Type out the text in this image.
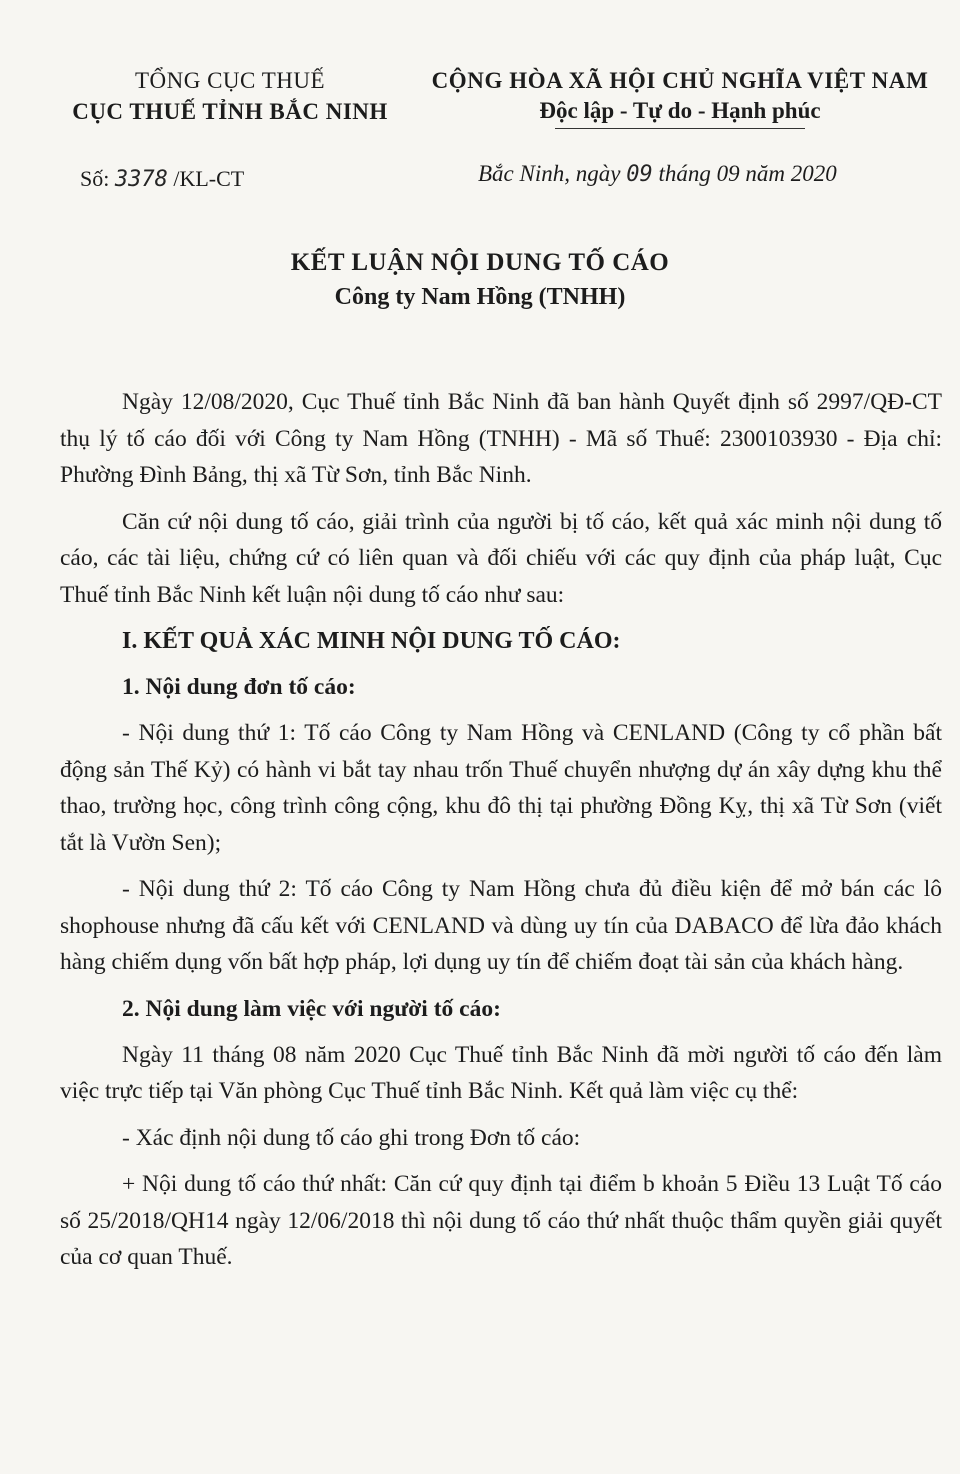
TỔNG CỤC THUẾ
CỤC THUẾ TỈNH BẮC NINH
CỘNG HÒA XÃ HỘI CHỦ NGHĨA VIỆT NAM
Độc lập - Tự do - Hạnh phúc
Số: 3378 /KL-CT	Bắc Ninh, ngày 09 tháng 09 năm 2020
KẾT LUẬN NỘI DUNG TỐ CÁO
Công ty Nam Hồng (TNHH)

Ngày 12/08/2020, Cục Thuế tỉnh Bắc Ninh đã ban hành Quyết định số 2997/QĐ-CT thụ lý tố cáo đối với Công ty Nam Hồng (TNHH) - Mã số Thuế: 2300103930 - Địa chỉ: Phường Đình Bảng, thị xã Từ Sơn, tỉnh Bắc Ninh.

Căn cứ nội dung tố cáo, giải trình của người bị tố cáo, kết quả xác minh nội dung tố cáo, các tài liệu, chứng cứ có liên quan và đối chiếu với các quy định của pháp luật, Cục Thuế tỉnh Bắc Ninh kết luận nội dung tố cáo như sau:

I. KẾT QUẢ XÁC MINH NỘI DUNG TỐ CÁO:
1. Nội dung đơn tố cáo:

- Nội dung thứ 1: Tố cáo Công ty Nam Hồng và CENLAND (Công ty cổ phần bất động sản Thế Kỷ) có hành vi bắt tay nhau trốn Thuế chuyển nhượng dự án xây dựng khu thể thao, trường học, công trình công cộng, khu đô thị tại phường Đồng Kỵ, thị xã Từ Sơn (viết tắt là Vườn Sen);

- Nội dung thứ 2: Tố cáo Công ty Nam Hồng chưa đủ điều kiện để mở bán các lô shophouse nhưng đã cấu kết với CENLAND và dùng uy tín của DABACO để lừa đảo khách hàng chiếm dụng vốn bất hợp pháp, lợi dụng uy tín để chiếm đoạt tài sản của khách hàng.

2. Nội dung làm việc với người tố cáo:

Ngày 11 tháng 08 năm 2020 Cục Thuế tỉnh Bắc Ninh đã mời người tố cáo đến làm việc trực tiếp tại Văn phòng Cục Thuế tỉnh Bắc Ninh. Kết quả làm việc cụ thể:

- Xác định nội dung tố cáo ghi trong Đơn tố cáo:

+ Nội dung tố cáo thứ nhất: Căn cứ quy định tại điểm b khoản 5 Điều 13 Luật Tố cáo số 25/2018/QH14 ngày 12/06/2018 thì nội dung tố cáo thứ nhất thuộc thẩm quyền giải quyết của cơ quan Thuế.
